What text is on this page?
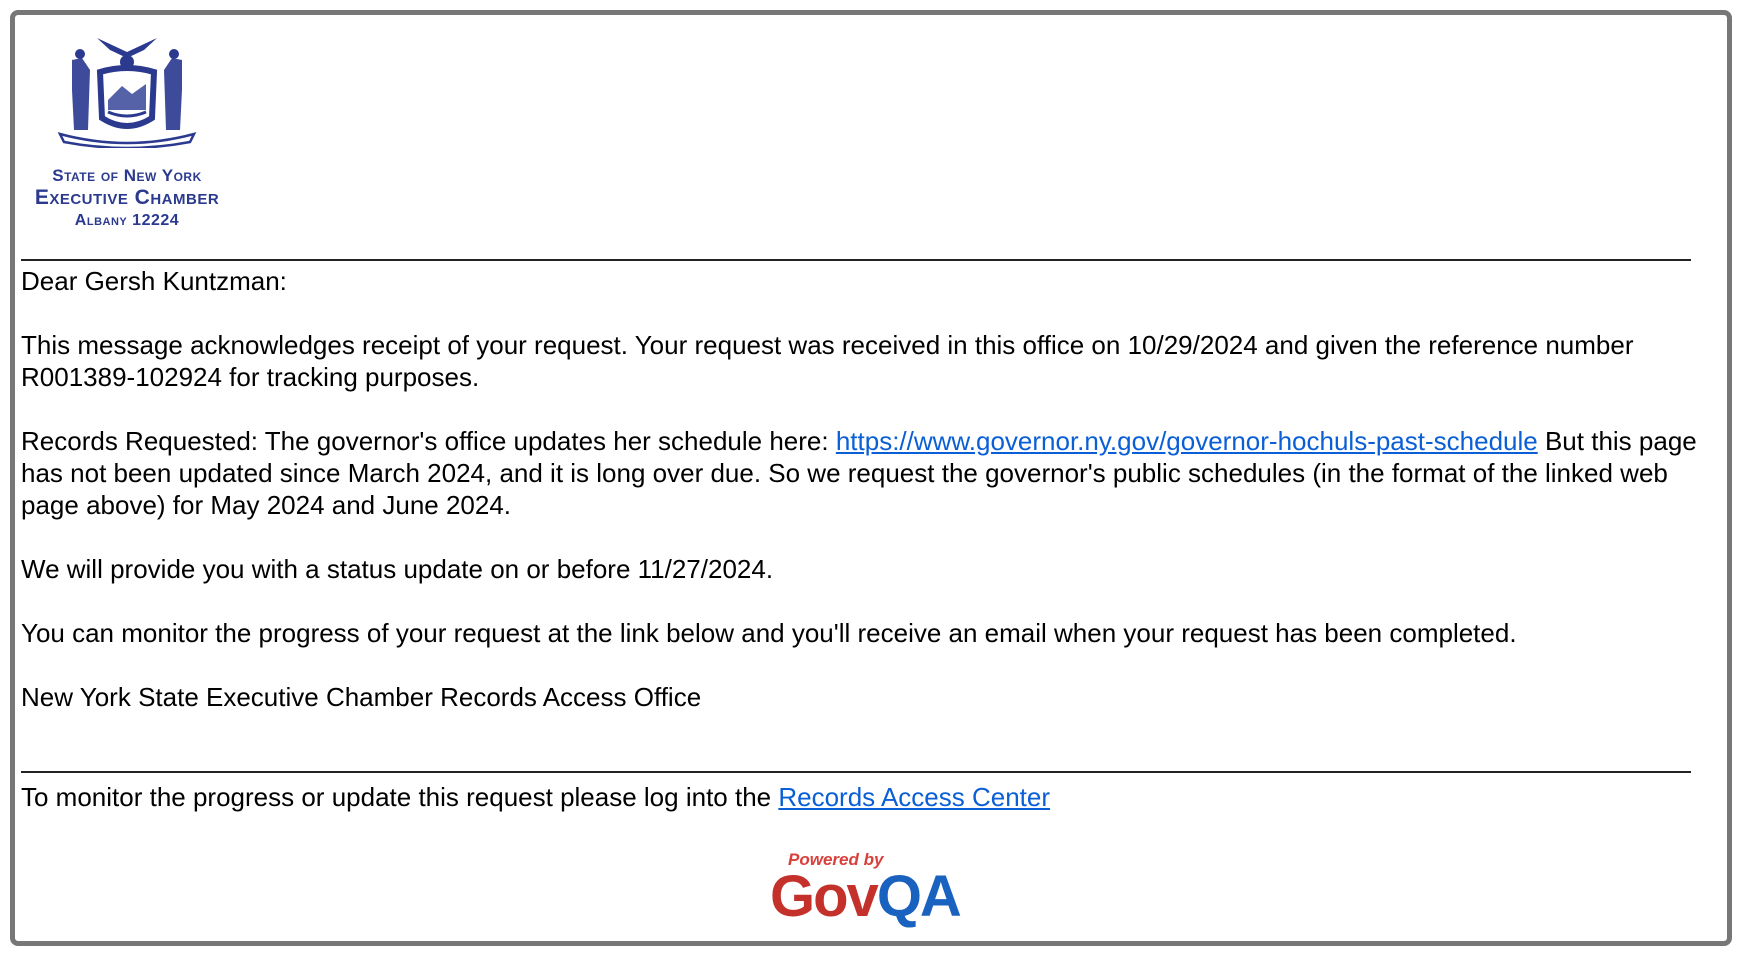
State of New York
Executive Chamber
Albany 12224

Dear Gersh Kuntzman:

This message acknowledges receipt of your request. Your request was received in this office on 10/29/2024 and given the reference number R001389-102924 for tracking purposes.

Records Requested: The governor's office updates her schedule here: https://www.governor.ny.gov/governor-hochuls-past-schedule But this page has not been updated since March 2024, and it is long over due. So we request the governor's public schedules (in the format of the linked web page above) for May 2024 and June 2024.

We will provide you with a status update on or before 11/27/2024.

You can monitor the progress of your request at the link below and you'll receive an email when your request has been completed.

New York State Executive Chamber Records Access Office

To monitor the progress or update this request please log into the Records Access Center
Powered by
GovQA
